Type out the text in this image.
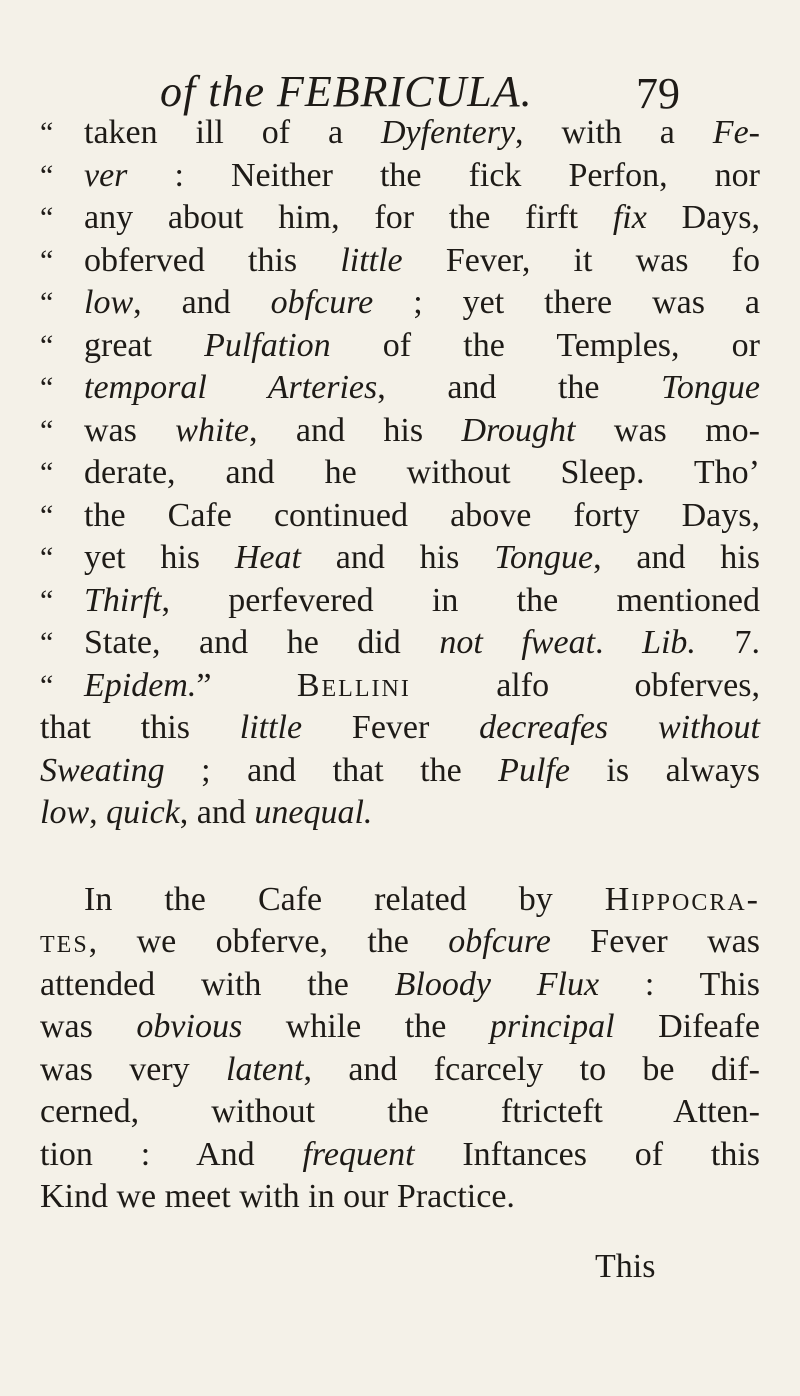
of the FEBRICULA. 79
“ taken ill of a Dyfentery, with a Fe-
“ ver : Neither the fick Perfon, nor
“ any about him, for the firft fix Days,
“ obferved this little Fever, it was fo
“ low, and obfcure ; yet there was a
“ great Pulfation of the Temples, or
“ temporal Arteries, and the Tongue
“ was white, and his Drought was mo-
“ derate, and he without Sleep. Tho’
“ the Cafe continued above forty Days,
“ yet his Heat and his Tongue, and his
“ Thirft, perfevered in the mentioned
“ State, and he did not fweat. Lib. 7.
“ Epidem.” Bellini alfo obferves,
that this little Fever decreafes without
Sweating ; and that the Pulfe is always
low, quick, and unequal.
In the Cafe related by Hippocra-
tes, we obferve, the obfcure Fever was
attended with the Bloody Flux : This
was obvious while the principal Difeafe
was very latent, and fcarcely to be dif-
cerned, without the ftricteft Atten-
tion : And frequent Inftances of this
Kind we meet with in our Practice.
This
